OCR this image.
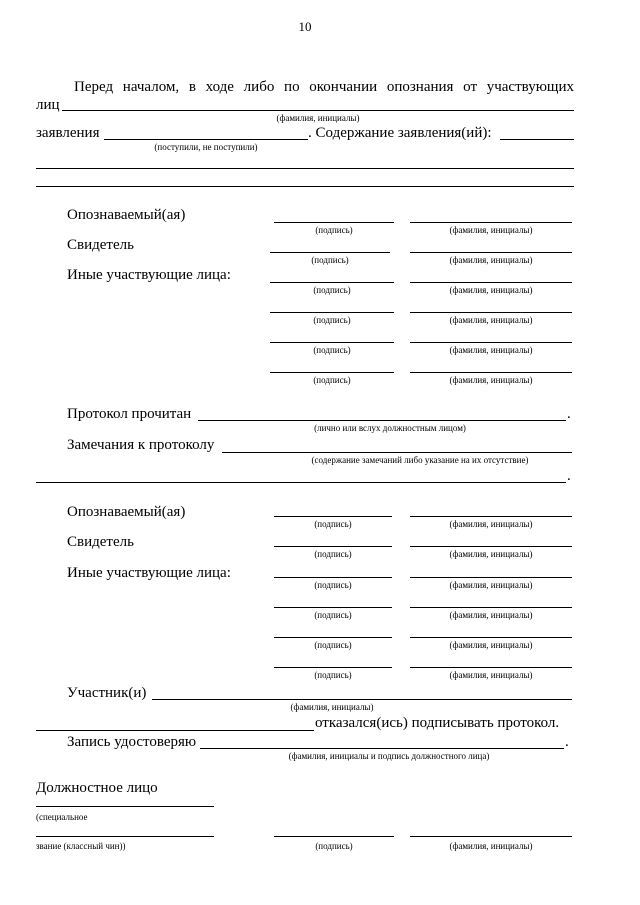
10
Перед началом, в ходе либо по окончании опознания от участвующих
лиц
(фамилия, инициалы)
заявления	. Содержание заявления(ий):
(поступили, не поступили)
Опознаваемый(ая)
(подпись)	(фамилия, инициалы)
Свидетель
(подпись)	(фамилия, инициалы)
Иные участвующие лица:
(подпись)	(фамилия, инициалы)
(подпись)	(фамилия, инициалы)
(подпись)	(фамилия, инициалы)
(подпись)	(фамилия, инициалы)
Протокол прочитан	.
(лично или вслух должностным лицом)
Замечания к протоколу
(содержание замечаний либо указание на их отсутствие)
.
Опознаваемый(ая)
(подпись)	(фамилия, инициалы)
Свидетель
(подпись)	(фамилия, инициалы)
Иные участвующие лица:
(подпись)	(фамилия, инициалы)
(подпись)	(фамилия, инициалы)
(подпись)	(фамилия, инициалы)
(подпись)	(фамилия, инициалы)
Участник(и)
(фамилия, инициалы)
отказался(ись) подписывать протокол.
Запись удостоверяю	.
(фамилия, инициалы и подпись должностного лица)
Должностное лицо
(специальное
звание (классный чин))	(подпись)	(фамилия, инициалы)
